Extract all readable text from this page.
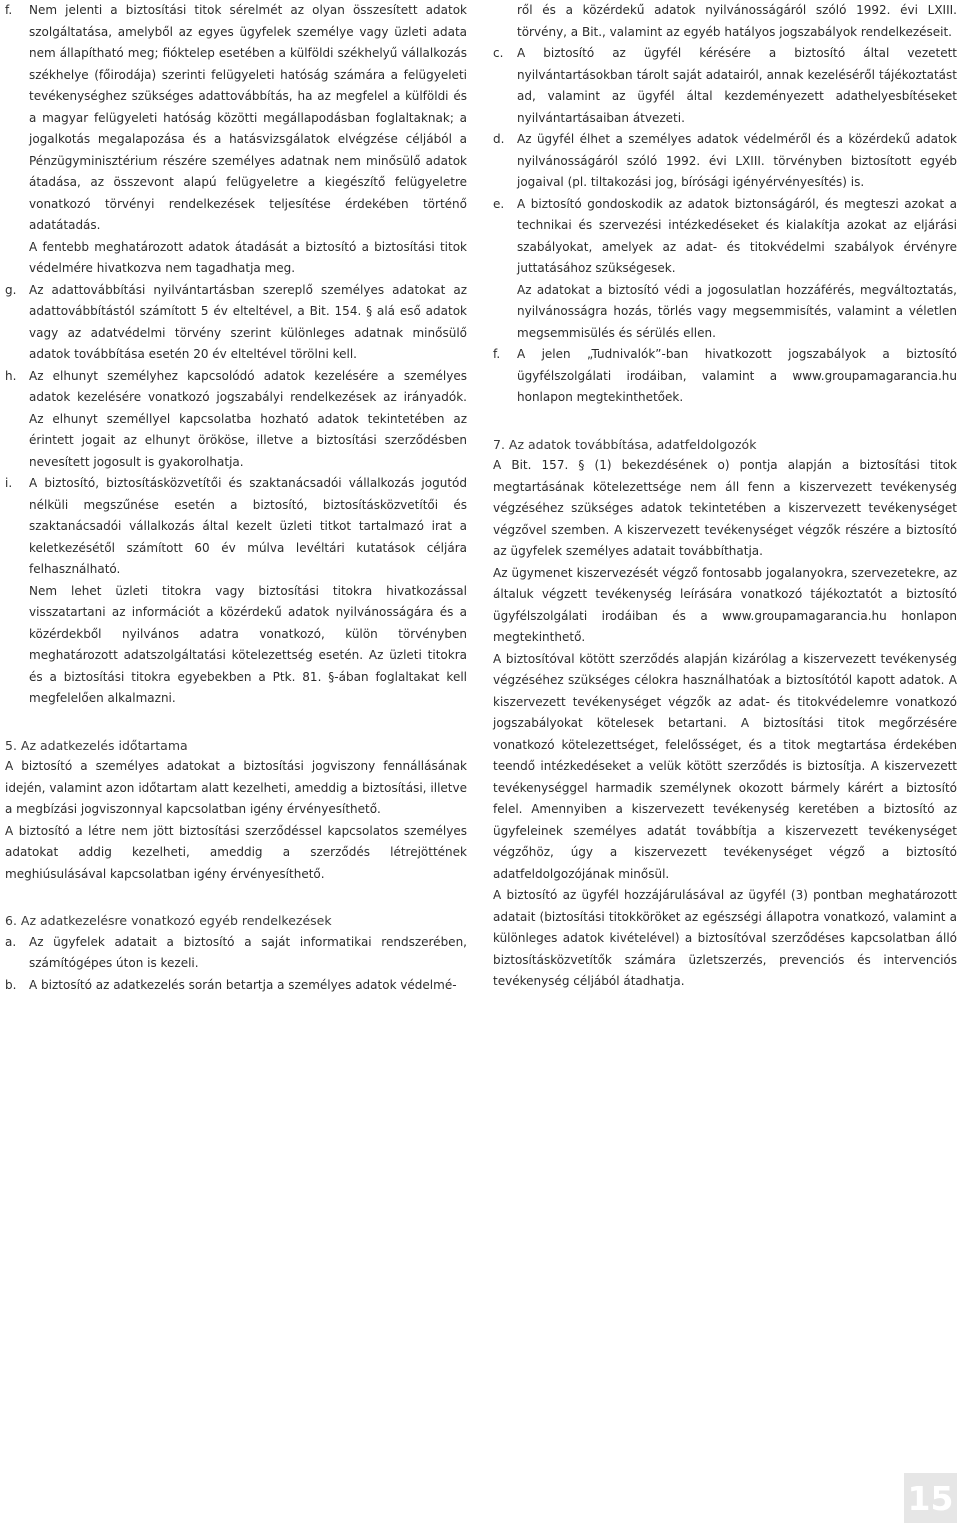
f. Nem jelenti a biztosítási titok sérelmét az olyan összesített adatok szolgáltatása, amelyből az egyes ügyfelek személye vagy üzleti adata nem állapítható meg; fióktelep esetében a külföldi székhelyű vállalkozás székhelye (főirodája) szerinti felügyeleti hatóság számára a felügyeleti tevékenységhez szükséges adattovábbítás, ha az megfelel a külföldi és a magyar felügyeleti hatóság közötti megállapodásban foglaltaknak; a jogalkotás megalapozása és a hatásvizsgálatok elvégzése céljából a Pénzügyminisztérium részére személyes adatnak nem minősülő adatok átadása, az összevont alapú felügyeletre a kiegészítő felügyeletre vonatkozó törvényi rendelkezések teljesítése érdekében történő adatátadás.

A fentebb meghatározott adatok átadását a biztosító a biztosítási titok védelmére hivatkozva nem tagadhatja meg.

g. Az adattovábbítási nyilvántartásban szereplő személyes adatokat az adattovábbítástól számított 5 év elteltével, a Bit. 154. § alá eső adatok vagy az adatvédelmi törvény szerint különleges adatnak minősülő adatok továbbítása esetén 20 év elteltével törölni kell.

h. Az elhunyt személyhez kapcsolódó adatok kezelésére a személyes adatok kezelésére vonatkozó jogszabályi rendelkezések az irányadók. Az elhunyt személlyel kapcsolatba hozható adatok tekintetében az érintett jogait az elhunyt örököse, illetve a biztosítási szerződésben nevesített jogosult is gyakorolhatja.

i. A biztosító, biztosításközvetítői és szaktanácsadói vállalkozás jogutód nélküli megszűnése esetén a biztosító, biztosításközvetítői és szaktanácsadói vállalkozás által kezelt üzleti titkot tartalmazó irat a keletkezésétől számított 60 év múlva levéltári kutatások céljára felhasználható.

Nem lehet üzleti titokra vagy biztosítási titokra hivatkozással visszatartani az információt a közérdekű adatok nyilvánosságára és a közérdekből nyilvános adatra vonatkozó, külön törvényben meghatározott adatszolgáltatási kötelezettség esetén. Az üzleti titokra és a biztosítási titokra egyebekben a Ptk. 81. §-ában foglaltakat kell megfelelően alkalmazni.

5. Az adatkezelés időtartama

A biztosító a személyes adatokat a biztosítási jogviszony fennállásának idején, valamint azon időtartam alatt kezelheti, ameddig a biztosítási, illetve a megbízási jogviszonnyal kapcsolatban igény érvényesíthető.

A biztosító a létre nem jött biztosítási szerződéssel kapcsolatos személyes adatokat addig kezelheti, ameddig a szerződés létrejöttének meghiúsulásával kapcsolatban igény érvényesíthető.

6. Az adatkezelésre vonatkozó egyéb rendelkezések

a. Az ügyfelek adatait a biztosító a saját informatikai rendszerében, számítógépes úton is kezeli.

b. A biztosító az adatkezelés során betartja a személyes adatok védelmé-

ről és a közérdekű adatok nyilvánosságáról szóló 1992. évi LXIII. törvény, a Bit., valamint az egyéb hatályos jogszabályok rendelkezéseit.

c. A biztosító az ügyfél kérésére a biztosító által vezetett nyilvántartásokban tárolt saját adatairól, annak kezeléséről tájékoztatást ad, valamint az ügyfél által kezdeményezett adathelyesbítéseket nyilvántartásaiban átvezeti.

d. Az ügyfél élhet a személyes adatok védelméről és a közérdekű adatok nyilvánosságáról szóló 1992. évi LXIII. törvényben biztosított egyéb jogaival (pl. tiltakozási jog, bírósági igényérvényesítés) is.

e. A biztosító gondoskodik az adatok biztonságáról, és megteszi azokat a technikai és szervezési intézkedéseket és kialakítja azokat az eljárási szabályokat, amelyek az adat- és titokvédelmi szabályok érvényre juttatásához szükségesek.

Az adatokat a biztosító védi a jogosulatlan hozzáférés, megváltoztatás, nyilvánosságra hozás, törlés vagy megsemmisítés, valamint a véletlen megsemmisülés és sérülés ellen.

f. A jelen „Tudnivalók”-ban hivatkozott jogszabályok a biztosító ügyfélszolgálati irodáiban, valamint a www.groupamagarancia.hu honlapon megtekinthetőek.

7. Az adatok továbbítása, adatfeldolgozók

A Bit. 157. § (1) bekezdésének o) pontja alapján a biztosítási titok megtartásának kötelezettsége nem áll fenn a kiszervezett tevékenység végzéséhez szükséges adatok tekintetében a kiszervezett tevékenységet végzővel szemben. A kiszervezett tevékenységet végzők részére a biztosító az ügyfelek személyes adatait továbbíthatja.

Az ügymenet kiszervezését végző fontosabb jogalanyokra, szervezetekre, az általuk végzett tevékenység leírására vonatkozó tájékoztatót a biztosító ügyfélszolgálati irodáiban és a www.groupamagarancia.hu honlapon megtekinthető.

A biztosítóval kötött szerződés alapján kizárólag a kiszervezett tevékenység végzéséhez szükséges célokra használhatóak a biztosítótól kapott adatok. A kiszervezett tevékenységet végzők az adat- és titokvédelemre vonatkozó jogszabályokat kötelesek betartani. A biztosítási titok megőrzésére vonatkozó kötelezettséget, felelősséget, és a titok megtartása érdekében teendő intézkedéseket a velük kötött szerződés is biztosítja. A kiszervezett tevékenységgel harmadik személynek okozott bármely kárért a biztosító felel. Amennyiben a kiszervezett tevékenység keretében a biztosító az ügyfeleinek személyes adatát továbbítja a kiszervezett tevékenységet végzőhöz, úgy a kiszervezett tevékenységet végző a biztosító adatfeldolgozójának minősül.

A biztosító az ügyfél hozzájárulásával az ügyfél (3) pontban meghatározott adatait (biztosítási titokköröket az egészségi állapotra vonatkozó, valamint a különleges adatok kivételével) a biztosítóval szerződéses kapcsolatban álló biztosításközvetítők számára üzletszerzés, prevenciós és intervenciós tevékenység céljából átadhatja.

15
